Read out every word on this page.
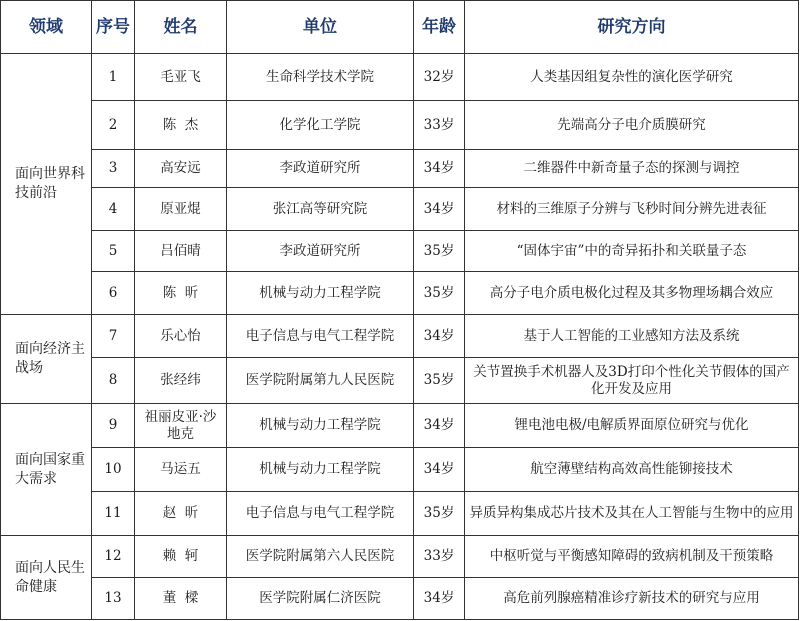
领域	序号	姓名	单位	年龄	研究方向
面向世界科技前沿	1	毛亚飞	生命科学技术学院	32岁	人类基因组复杂性的演化医学研究
	2	陈  杰	化学化工学院	33岁	先端高分子电介质膜研究
	3	高安远	李政道研究所	34岁	二维器件中新奇量子态的探测与调控
	4	原亚焜	张江高等研究院	34岁	材料的三维原子分辨与飞秒时间分辨先进表征
	5	吕佰晴	李政道研究所	35岁	“固体宇宙”中的奇异拓扑和关联量子态
	6	陈  昕	机械与动力工程学院	35岁	高分子电介质电极化过程及其多物理场耦合效应
面向经济主战场	7	乐心怡	电子信息与电气工程学院	34岁	基于人工智能的工业感知方法及系统
	8	张经纬	医学院附属第九人民医院	35岁	关节置换手术机器人及3D打印个性化关节假体的国产化开发及应用
面向国家重大需求	9	祖丽皮亚·沙地克	机械与动力工程学院	34岁	锂电池电极/电解质界面原位研究与优化
	10	马运五	机械与动力工程学院	34岁	航空薄壁结构高效高性能铆接技术
	11	赵  昕	电子信息与电气工程学院	35岁	异质异构集成芯片技术及其在人工智能与生物中的应用
面向人民生命健康	12	赖  轲	医学院附属第六人民医院	33岁	中枢听觉与平衡感知障碍的致病机制及干预策略
	13	董  樑	医学院附属仁济医院	34岁	高危前列腺癌精准诊疗新技术的研究与应用
